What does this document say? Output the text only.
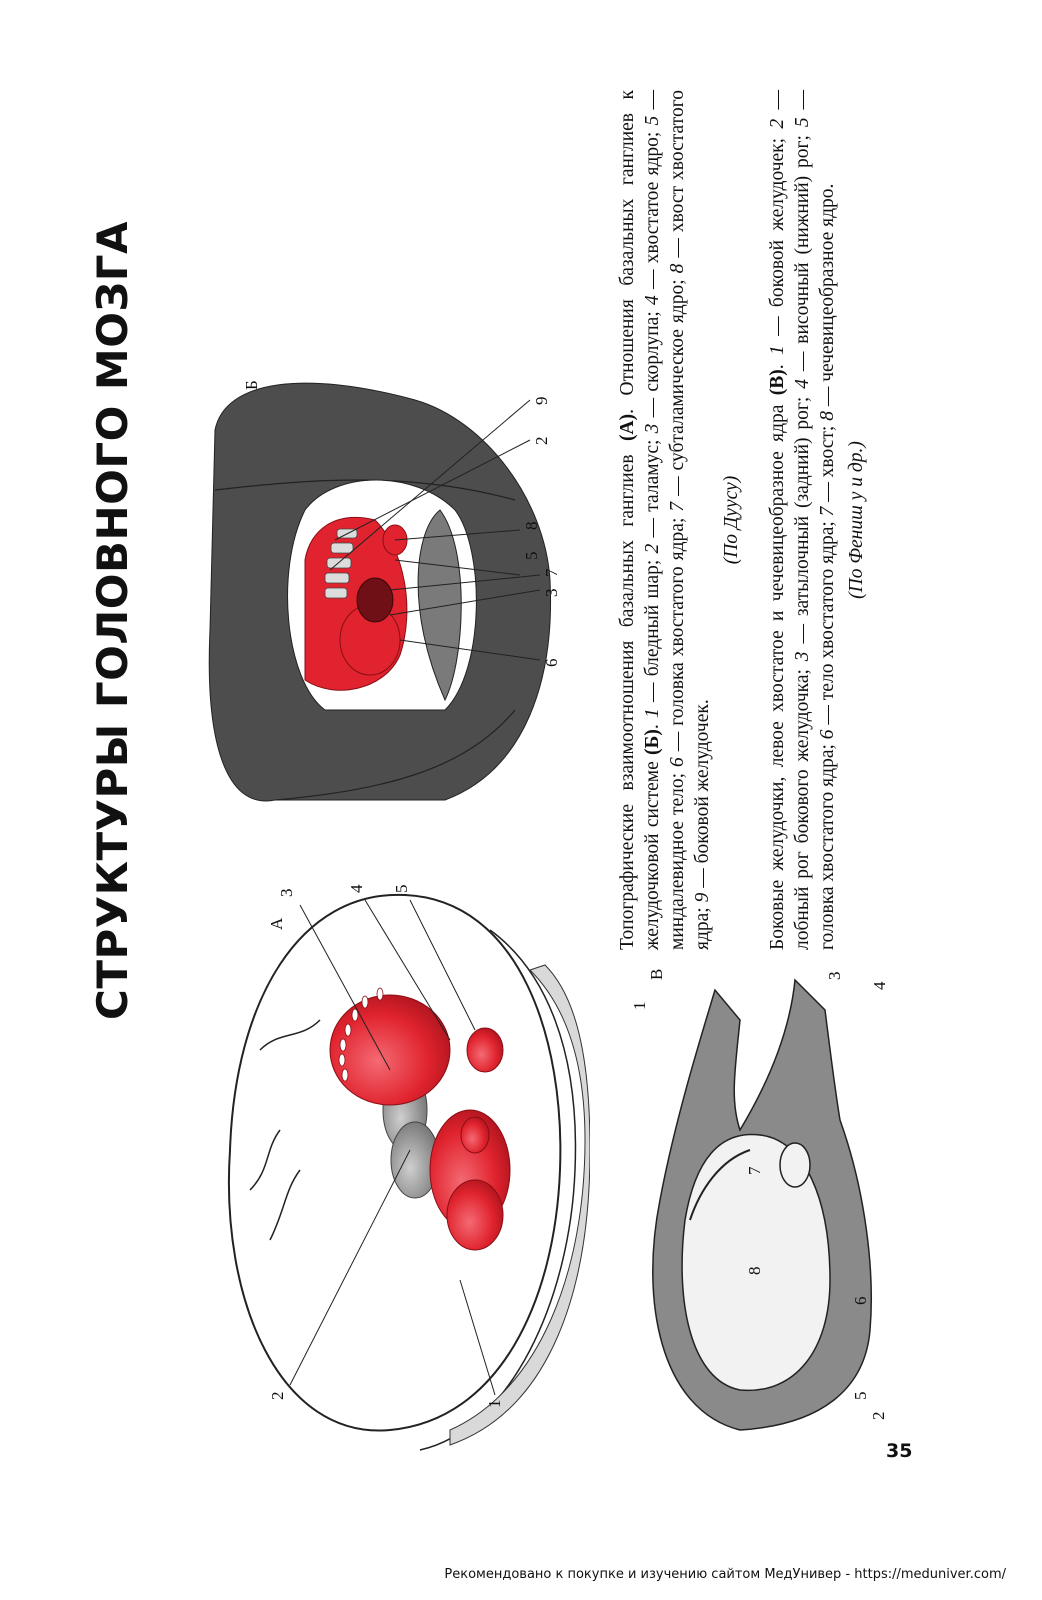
СТРУКТУРЫ ГОЛОВНОГО МОЗГА
1
2
3	4 5
А
6
3
7
5
8
2
9
Б
2
5
6
8
7
1
3
4
В

Топографические взаимоотношения базальных ганглиев (А). Отношения базальных ганглиев к желудочковой системе (Б). 1 — бледный шар; 2 — таламус; 3 — скорлупа; 4 — хвостатое ядро; 5 — миндалевидное тело; 6 — головка хвостатого ядра; 7 — субталамическое ядро; 8 — хвост хвостатого ядра; 9 — боковой желудочек.

(По Дуусу) Боковые желудочки, левое хвостатое и чечевицеобразное ядра (В). 1 — боковой желудочек; 2 — лобный рог бокового желудочка; 3 — затылочный (задний) рог; 4 — височный (нижний) рог; 5 — головка хвостатого ядра; 6 — тело хвостатого ядра; 7 — хвост; 8 — чечевицеобразное ядро.

(По Фениш у и др.)

35
Рекомендовано к покупке и изучению сайтом МедУнивер - https://meduniver.com/
